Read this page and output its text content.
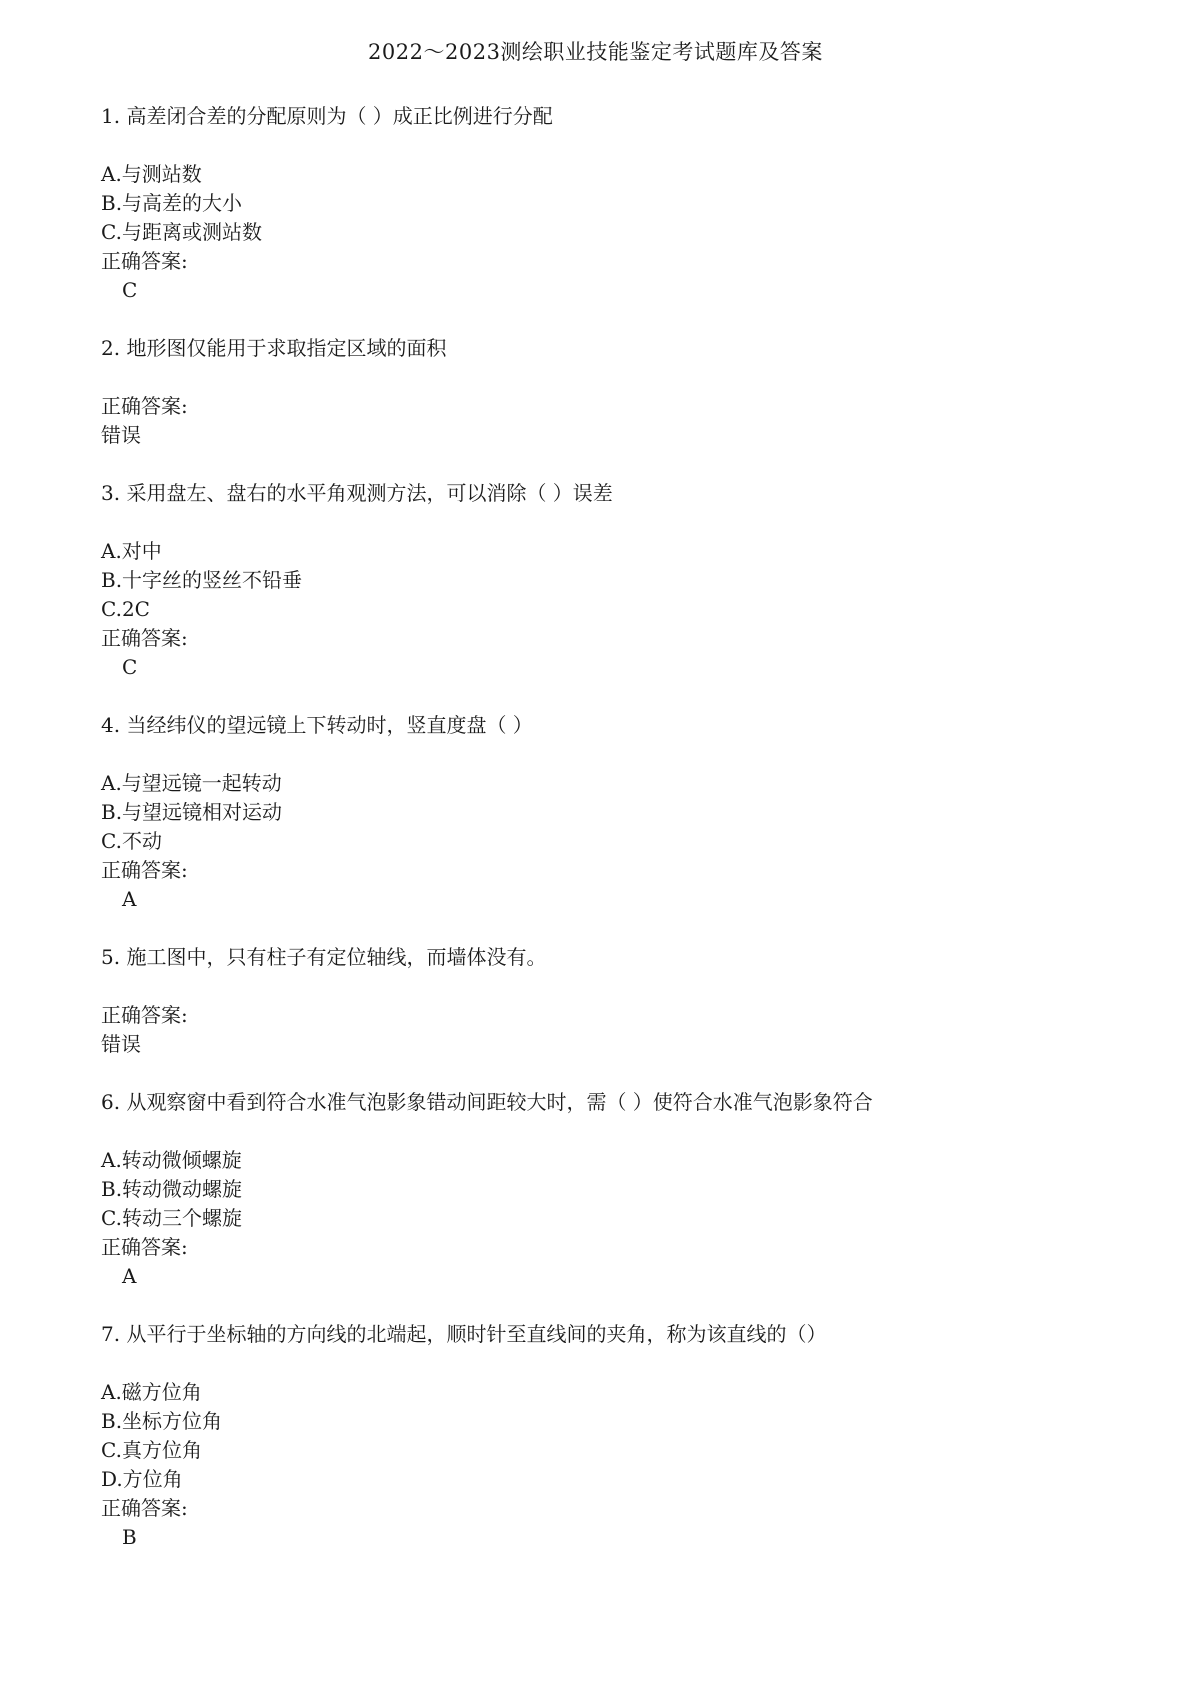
2022～2023测绘职业技能鉴定考试题库及答案
1. 高差闭合差的分配原则为（ ）成正比例进行分配
A.与测站数
B.与高差的大小
C.与距离或测站数
正确答案:
C
2. 地形图仅能用于求取指定区域的面积
正确答案:
错误
3. 采用盘左、盘右的水平角观测方法，可以消除（ ）误差
A.对中
B.十字丝的竖丝不铅垂
C.2C
正确答案:
C
4. 当经纬仪的望远镜上下转动时，竖直度盘（ ）
A.与望远镜一起转动
B.与望远镜相对运动
C.不动
正确答案:
A
5. 施工图中，只有柱子有定位轴线，而墙体没有。
正确答案:
错误
6. 从观察窗中看到符合水准气泡影象错动间距较大时，需（ ）使符合水准气泡影象符合
A.转动微倾螺旋
B.转动微动螺旋
C.转动三个螺旋
正确答案:
A
7. 从平行于坐标轴的方向线的北端起，顺时针至直线间的夹角，称为该直线的（）
A.磁方位角
B.坐标方位角
C.真方位角
D.方位角
正确答案:
B
